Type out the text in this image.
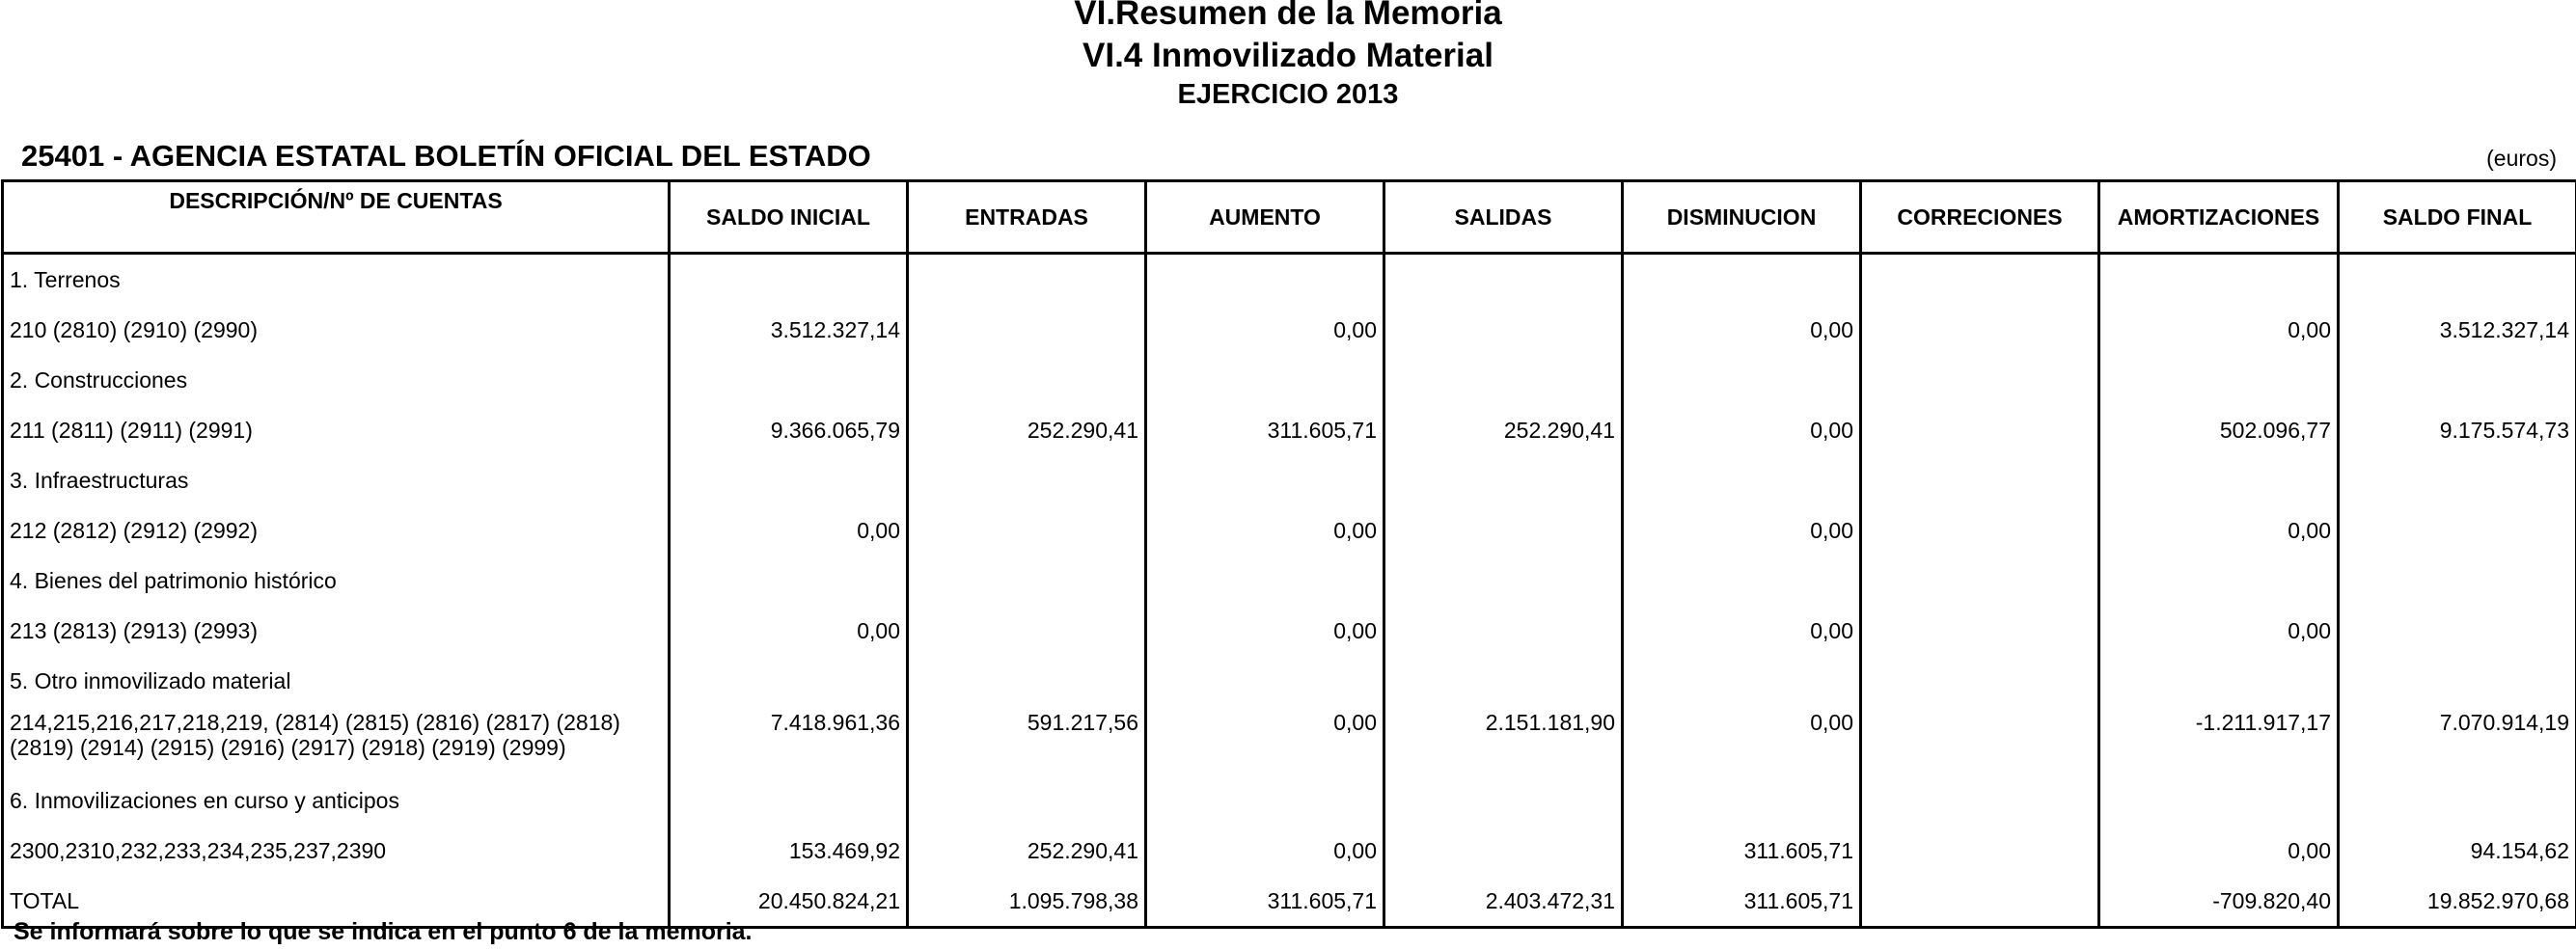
VI.Resumen de la Memoria
VI.4 Inmovilizado Material
EJERCICIO 2013
25401 - AGENCIA ESTATAL BOLETÍN OFICIAL DEL ESTADO	(euros)
DESCRIPCIÓN/Nº DE CUENTAS	SALDO INICIAL	ENTRADAS	AUMENTO	SALIDAS	DISMINUCION	CORRECIONES	AMORTIZACIONES	SALDO FINAL
1. Terrenos								
210 (2810) (2910) (2990)	3.512.327,14		0,00		0,00		0,00	3.512.327,14
2. Construcciones								
211 (2811) (2911) (2991)	9.366.065,79	252.290,41	311.605,71	252.290,41	0,00		502.096,77	9.175.574,73
3. Infraestructuras								
212 (2812) (2912) (2992)	0,00		0,00		0,00		0,00	
4. Bienes del patrimonio histórico								
213 (2813) (2913) (2993)	0,00		0,00		0,00		0,00	
5. Otro inmovilizado material								
214,215,216,217,218,219, (2814) (2815) (2816) (2817) (2818) (2819) (2914) (2915) (2916) (2917) (2918) (2919) (2999)	7.418.961,36	591.217,56	0,00	2.151.181,90	0,00		-1.211.917,17	7.070.914,19
6. Inmovilizaciones en curso y anticipos								
2300,2310,232,233,234,235,237,2390	153.469,92	252.290,41	0,00		311.605,71		0,00	94.154,62
TOTAL	20.450.824,21	1.095.798,38	311.605,71	2.403.472,31	311.605,71		-709.820,40	19.852.970,68
Se informará sobre lo que se indica en el punto 6 de la memoria.
